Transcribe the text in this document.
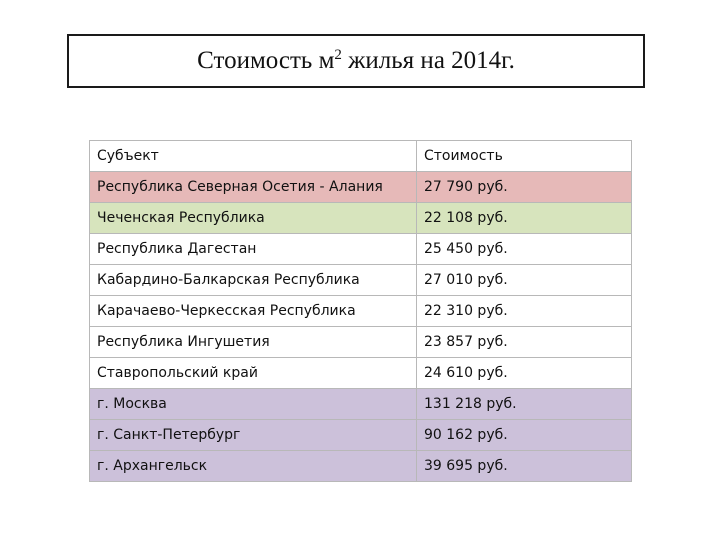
Стоимость $м^2$ жилья на 2014г.
Субъект	Стоимость
Республика Северная Осетия - Алания	27 790 руб.
Чеченская Республика	22 108 руб.
Республика Дагестан	25 450 руб.
Кабардино-Балкарская Республика	27 010 руб.
Карачаево-Черкесская Республика	22 310 руб.
Республика Ингушетия	23 857 руб.
Ставропольский край	24 610 руб.
г. Москва	131 218 руб.
г. Санкт-Петербург	90 162 руб.
г. Архангельск	39 695 руб.
